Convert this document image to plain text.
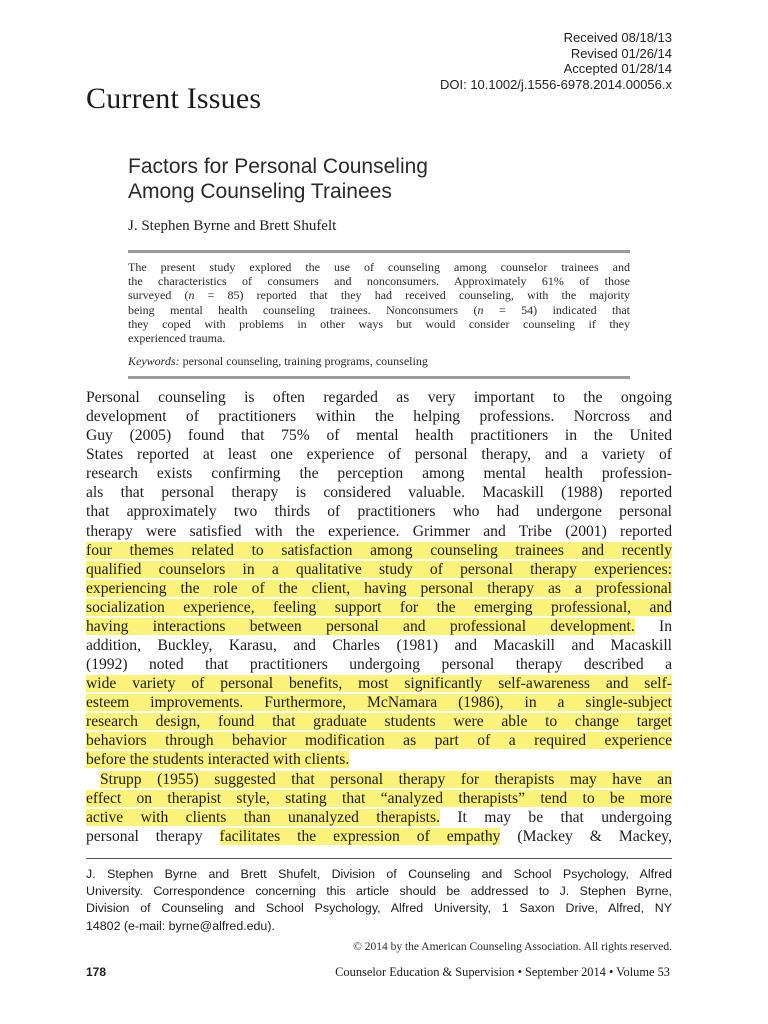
Received 08/18/13
Revised 01/26/14
Accepted 01/28/14
DOI: 10.1002/j.1556-6978.2014.00056.x
Current Issues
Factors for Personal Counseling
Among Counseling Trainees
J. Stephen Byrne and Brett Shufelt
The present study explored the use of counseling among counselor trainees and
the characteristics of consumers and nonconsumers. Approximately 61% of those
surveyed (n = 85) reported that they had received counseling, with the majority
being mental health counseling trainees. Nonconsumers (n = 54) indicated that
they coped with problems in other ways but would consider counseling if they
experienced trauma.
Keywords: personal counseling, training programs, counseling
Personal counseling is often regarded as very important to the ongoing
development of practitioners within the helping professions. Norcross and
Guy (2005) found that 75% of mental health practitioners in the United
States reported at least one experience of personal therapy, and a variety of
research exists confirming the perception among mental health profession-
als that personal therapy is considered valuable. Macaskill (1988) reported
that approximately two thirds of practitioners who had undergone personal
therapy were satisfied with the experience. Grimmer and Tribe (2001) reported
four themes related to satisfaction among counseling trainees and recently
qualified counselors in a qualitative study of personal therapy experiences:
experiencing the role of the client, having personal therapy as a professional
socialization experience, feeling support for the emerging professional, and
having interactions between personal and professional development. In
addition, Buckley, Karasu, and Charles (1981) and Macaskill and Macaskill
(1992) noted that practitioners undergoing personal therapy described a
wide variety of personal benefits, most significantly self-awareness and self-
esteem improvements. Furthermore, McNamara (1986), in a single-subject
research design, found that graduate students were able to change target
behaviors through behavior modification as part of a required experience
before the students interacted with clients.
Strupp (1955) suggested that personal therapy for therapists may have an
effect on therapist style, stating that “analyzed therapists” tend to be more
active with clients than unanalyzed therapists. It may be that undergoing
personal therapy facilitates the expression of empathy (Mackey & Mackey,
J. Stephen Byrne and Brett Shufelt, Division of Counseling and School Psychology, Alfred
University. Correspondence concerning this article should be addressed to J. Stephen Byrne,
Division of Counseling and School Psychology, Alfred University, 1 Saxon Drive, Alfred, NY
14802 (e-mail: byrne@alfred.edu).
© 2014 by the American Counseling Association. All rights reserved.
178	Counselor Education & Supervision • September 2014 • Volume 53
